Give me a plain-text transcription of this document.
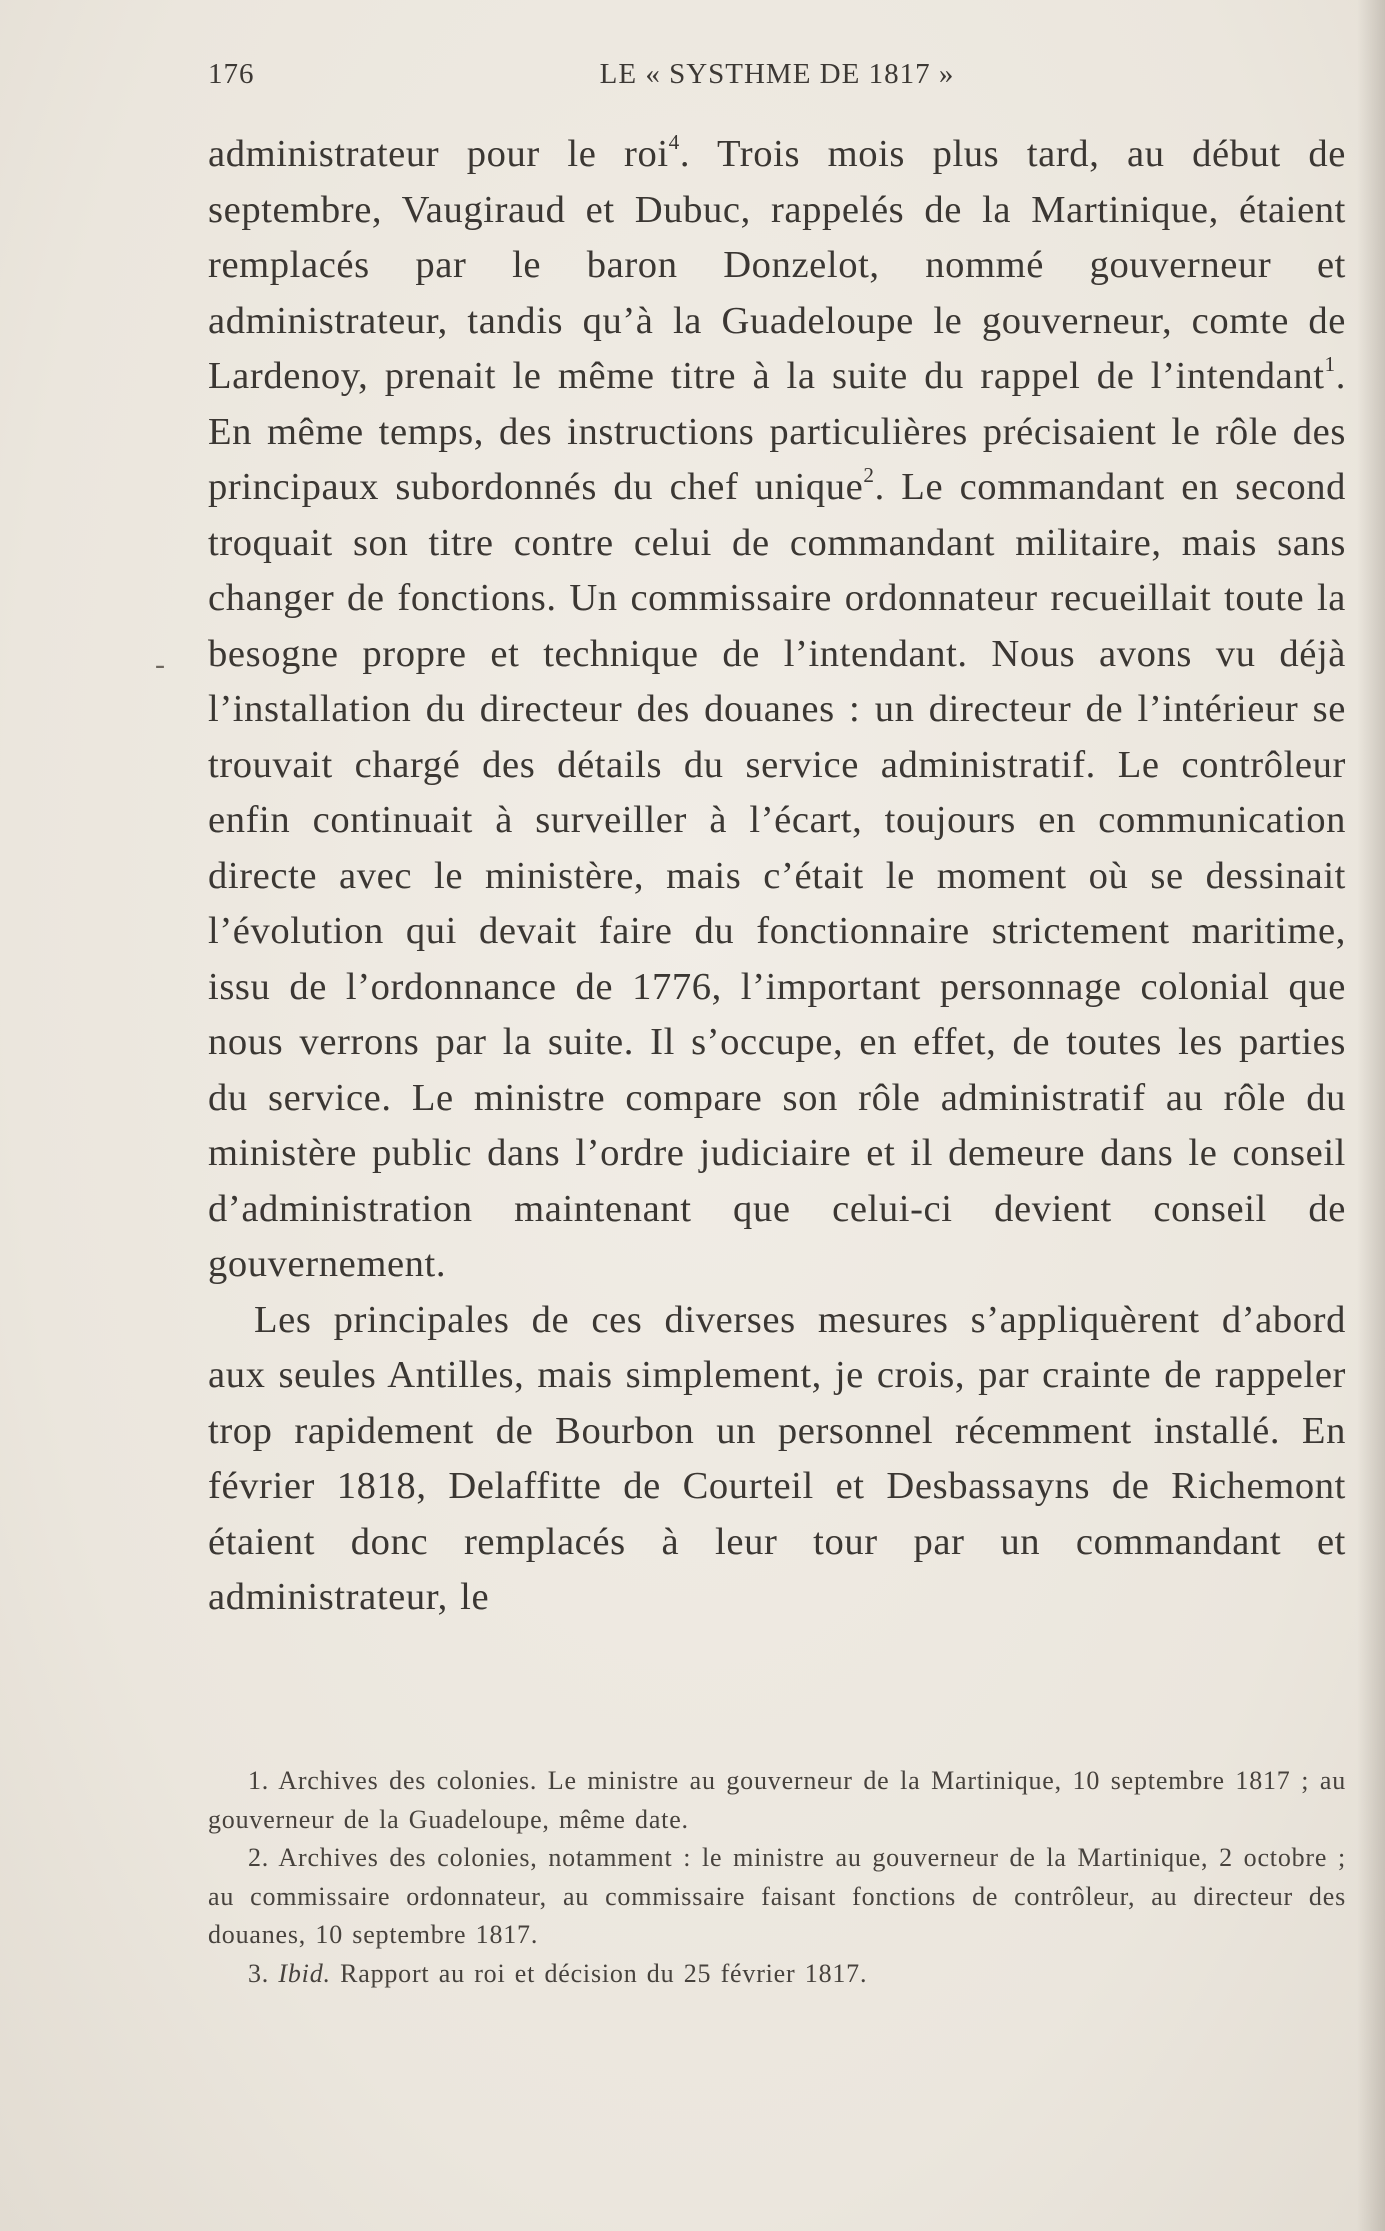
176	LE « SYSTHME DE 1817 »
-

administrateur pour le roi$^4$. Trois mois plus tard, au début de septembre, Vaugiraud et Dubuc, rappelés de la Martinique, étaient remplacés par le baron Donzelot, nommé gouverneur et administrateur, tandis qu’à la Guadeloupe le gouverneur, comte de Lardenoy, prenait le même titre à la suite du rappel de l’intendant$^1$. En même temps, des instructions particulières précisaient le rôle des principaux subordonnés du chef unique$^2$. Le commandant en second troquait son titre contre celui de commandant militaire, mais sans changer de fonctions. Un commissaire ordonnateur recueillait toute la besogne propre et technique de l’intendant. Nous avons vu déjà l’installation du directeur des douanes : un directeur de l’intérieur se trouvait chargé des détails du service administratif. Le contrôleur enfin continuait à surveiller à l’écart, toujours en communication directe avec le ministère, mais c’était le moment où se dessinait l’évolution qui devait faire du fonctionnaire strictement maritime, issu de l’ordonnance de 1776, l’important personnage colonial que nous verrons par la suite. Il s’occupe, en effet, de toutes les parties du service. Le ministre compare son rôle administratif au rôle du ministère public dans l’ordre judiciaire et il demeure dans le conseil d’administration maintenant que celui-ci devient conseil de gouvernement.

Les principales de ces diverses mesures s’appliquèrent d’abord aux seules Antilles, mais simplement, je crois, par crainte de rappeler trop rapidement de Bourbon un personnel récemment installé. En février 1818, Delaffitte de Courteil et Desbassayns de Richemont étaient donc remplacés à leur tour par un commandant et administrateur, le

1. Archives des colonies. Le ministre au gouverneur de la Martinique, 10 septembre 1817 ; au gouverneur de la Guadeloupe, même date.

2. Archives des colonies, notamment : le ministre au gouverneur de la Martinique, 2 octobre ; au commissaire ordonnateur, au commissaire faisant fonctions de contrôleur, au directeur des douanes, 10 septembre 1817.

3. Ibid. Rapport au roi et décision du 25 février 1817.
